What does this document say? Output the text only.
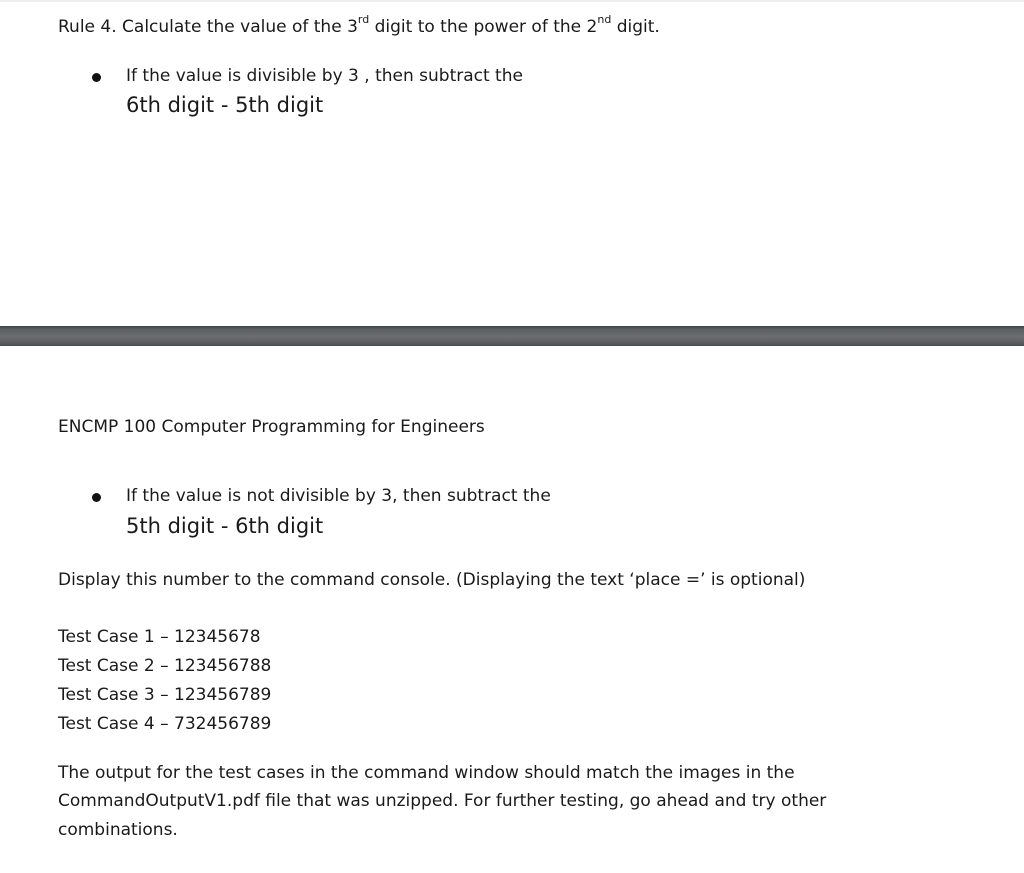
Rule 4. Calculate the value of the 3rd digit to the power of the 2nd digit.
If the value is divisible by 3 , then subtract the
6th digit - 5th digit
ENCMP 100 Computer Programming for Engineers
If the value is not divisible by 3, then subtract the
5th digit - 6th digit
Display this number to the command console. (Displaying the text ‘place =’ is optional)
Test Case 1 – 12345678
Test Case 2 – 123456788
Test Case 3 – 123456789
Test Case 4 – 732456789
The output for the test cases in the command window should match the images in the
CommandOutputV1.pdf file that was unzipped. For further testing, go ahead and try other
combinations.
